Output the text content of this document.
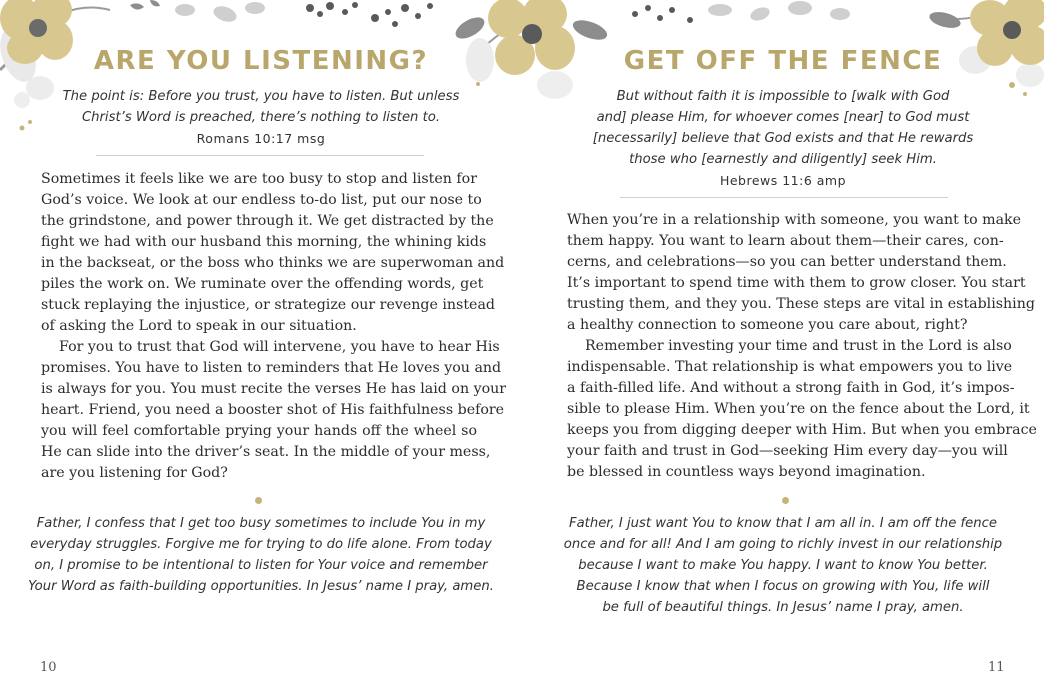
ARE YOU LISTENING?
The point is: Before you trust, you have to listen. But unless
Christ’s Word is preached, there’s nothing to listen to.
Romans 10:17 msg
Sometimes it feels like we are too busy to stop and listen for
God’s voice. We look at our endless to-do list, put our nose to
the grindstone, and power through it. We get distracted by the
fight we had with our husband this morning, the whining kids
in the backseat, or the boss who thinks we are superwoman and
piles the work on. We ruminate over the offending words, get
stuck replaying the injustice, or strategize our revenge instead
of asking the Lord to speak in our situation.
For you to trust that God will intervene, you have to hear His
promises. You have to listen to reminders that He loves you and
is always for you. You must recite the verses He has laid on your
heart. Friend, you need a booster shot of His faithfulness before
you will feel comfortable prying your hands off the wheel so
He can slide into the driver’s seat. In the middle of your mess,
are you listening for God?
Father, I confess that I get too busy sometimes to include You in my
everyday struggles. Forgive me for trying to do life alone. From today
on, I promise to be intentional to listen for Your voice and remember
Your Word as faith-building opportunities. In Jesus’ name I pray, amen.
10
GET OFF THE FENCE
But without faith it is impossible to [walk with God
and] please Him, for whoever comes [near] to God must
[necessarily] believe that God exists and that He rewards
those who [earnestly and diligently] seek Him.
Hebrews 11:6 amp
When you’re in a relationship with someone, you want to make
them happy. You want to learn about them—their cares, con-
cerns, and celebrations—so you can better understand them.
It’s important to spend time with them to grow closer. You start
trusting them, and they you. These steps are vital in establishing
a healthy connection to someone you care about, right?
Remember investing your time and trust in the Lord is also
indispensable. That relationship is what empowers you to live
a faith-filled life. And without a strong faith in God, it’s impos-
sible to please Him. When you’re on the fence about the Lord, it
keeps you from digging deeper with Him. But when you embrace
your faith and trust in God—seeking Him every day—you will
be blessed in countless ways beyond imagination.
Father, I just want You to know that I am all in. I am off the fence
once and for all! And I am going to richly invest in our relationship
because I want to make You happy. I want to know You better.
Because I know that when I focus on growing with You, life will
be full of beautiful things. In Jesus’ name I pray, amen.
11
